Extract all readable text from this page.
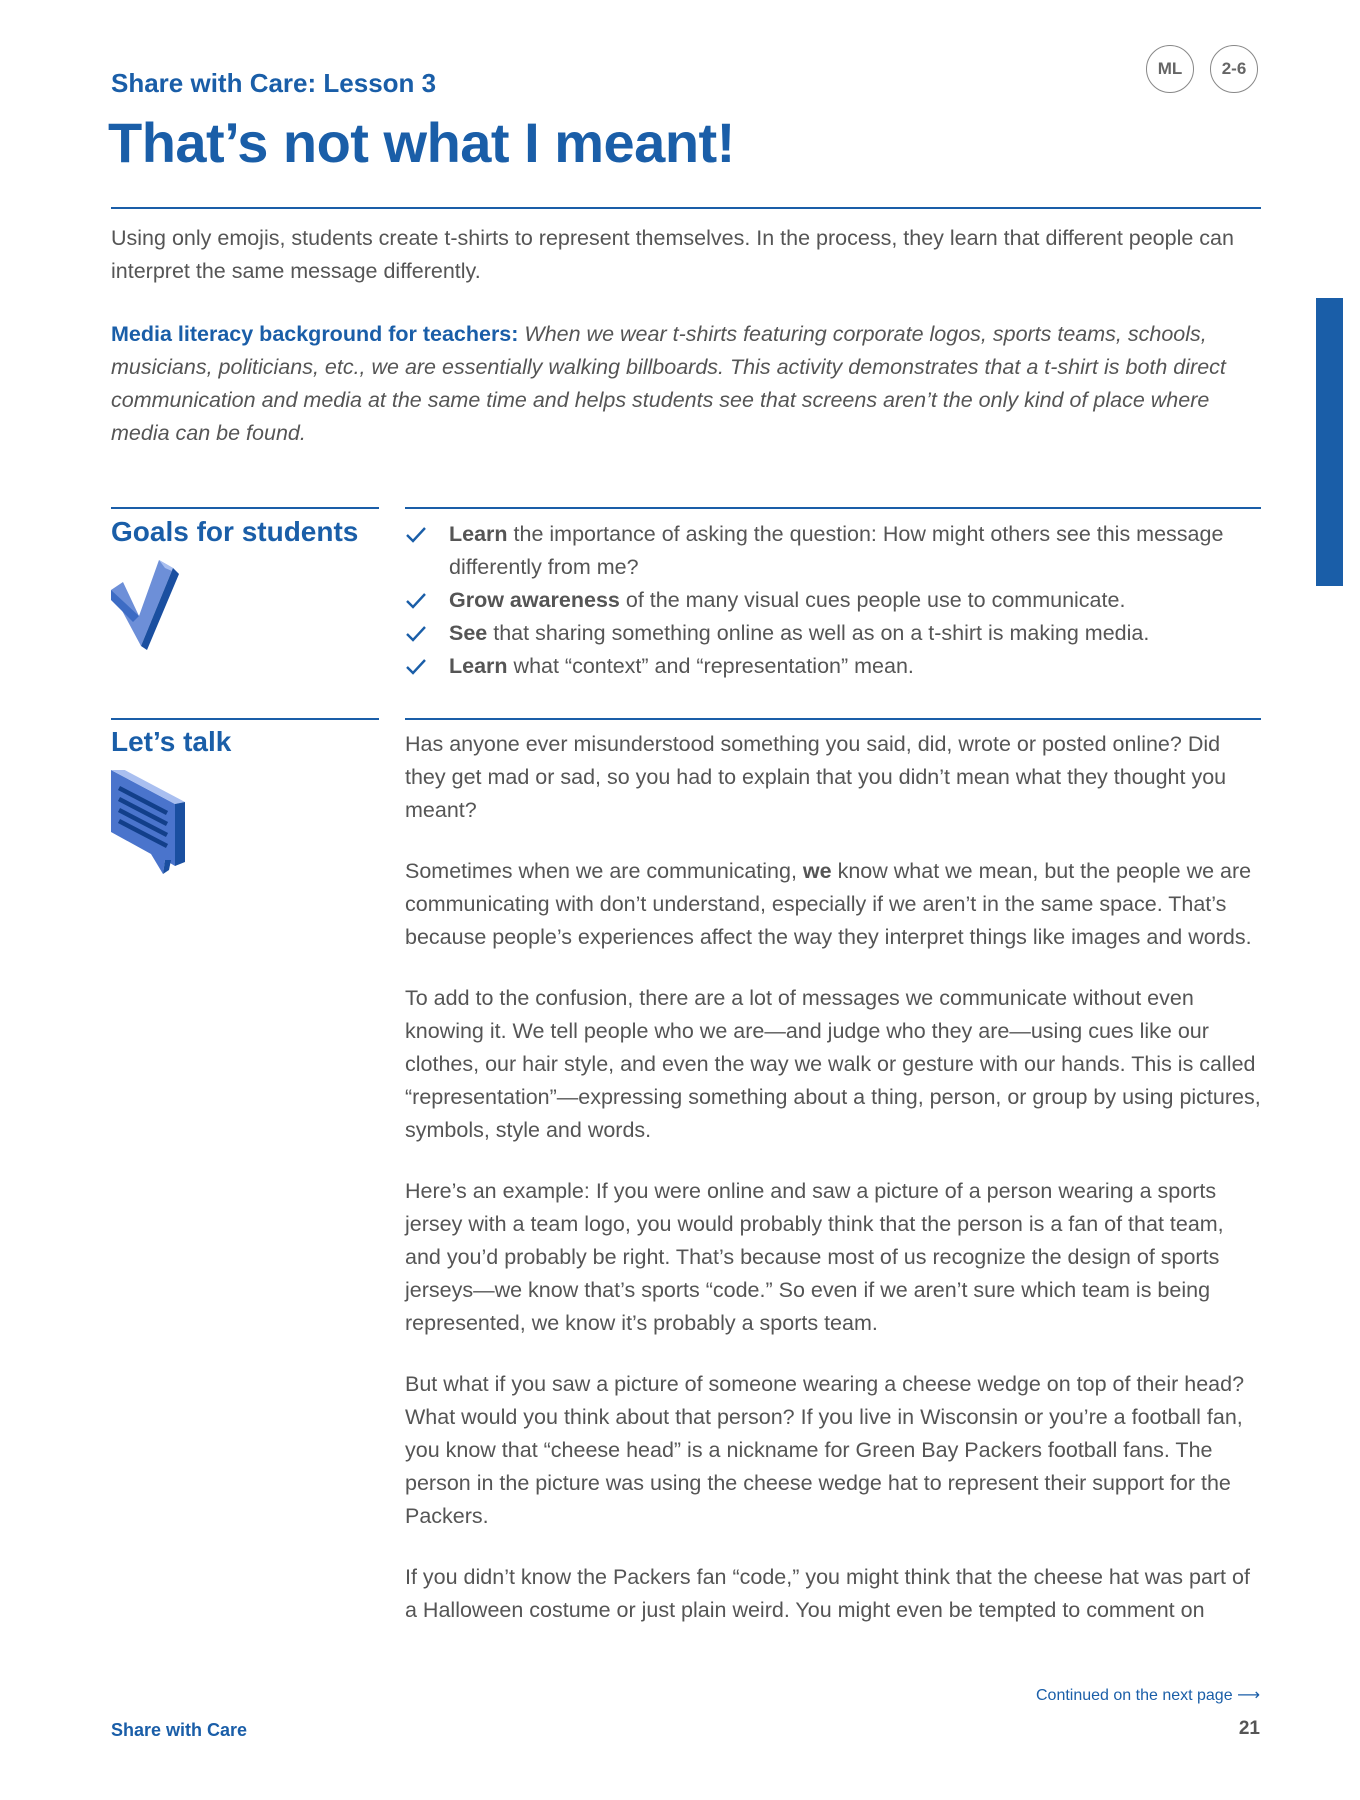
Share with Care: Lesson 3
That’s not what I meant!
ML	2-6

Using only emojis, students create t-shirts to represent themselves. In the process, they learn that different people can interpret the same message differently.

Media literacy background for teachers: When we wear t-shirts featuring corporate logos, sports teams, schools, musicians, politicians, etc., we are essentially walking billboards. This activity demonstrates that a t-shirt is both direct communication and media at the same time and helps students see that screens aren’t the only kind of place where media can be found.

Goals for students	Learn the importance of asking the question: How might others see this message differently from me?
Grow awareness of the many visual cues people use to communicate.
See that sharing something online as well as on a t-shirt is making media.
Learn what “context” and “representation” mean.
Let’s talk	Has anyone ever misunderstood something you said, did, wrote or posted online? Did they get mad or sad, so you had to explain that you didn’t mean what they thought you meant?

Sometimes when we are communicating, we know what we mean, but the people we are communicating with don’t understand, especially if we aren’t in the same space. That’s because people’s experiences affect the way they interpret things like images and words.

To add to the confusion, there are a lot of messages we communicate without even knowing it. We tell people who we are—and judge who they are—using cues like our clothes, our hair style, and even the way we walk or gesture with our hands. This is called “representation”—expressing something about a thing, person, or group by using pictures, symbols, style and words.

Here’s an example: If you were online and saw a picture of a person wearing a sports jersey with a team logo, you would probably think that the person is a fan of that team, and you’d probably be right. That’s because most of us recognize the design of sports jerseys—we know that’s sports “code.” So even if we aren’t sure which team is being represented, we know it’s probably a sports team.

But what if you saw a picture of someone wearing a cheese wedge on top of their head? What would you think about that person? If you live in Wisconsin or you’re a football fan, you know that “cheese head” is a nickname for Green Bay Packers football fans. The person in the picture was using the cheese wedge hat to represent their support for the Packers.

If you didn’t know the Packers fan “code,” you might think that the cheese hat was part of a Halloween costume or just plain weird. You might even be tempted to comment on

Continued on the next page ⟶
Share with Care	21
